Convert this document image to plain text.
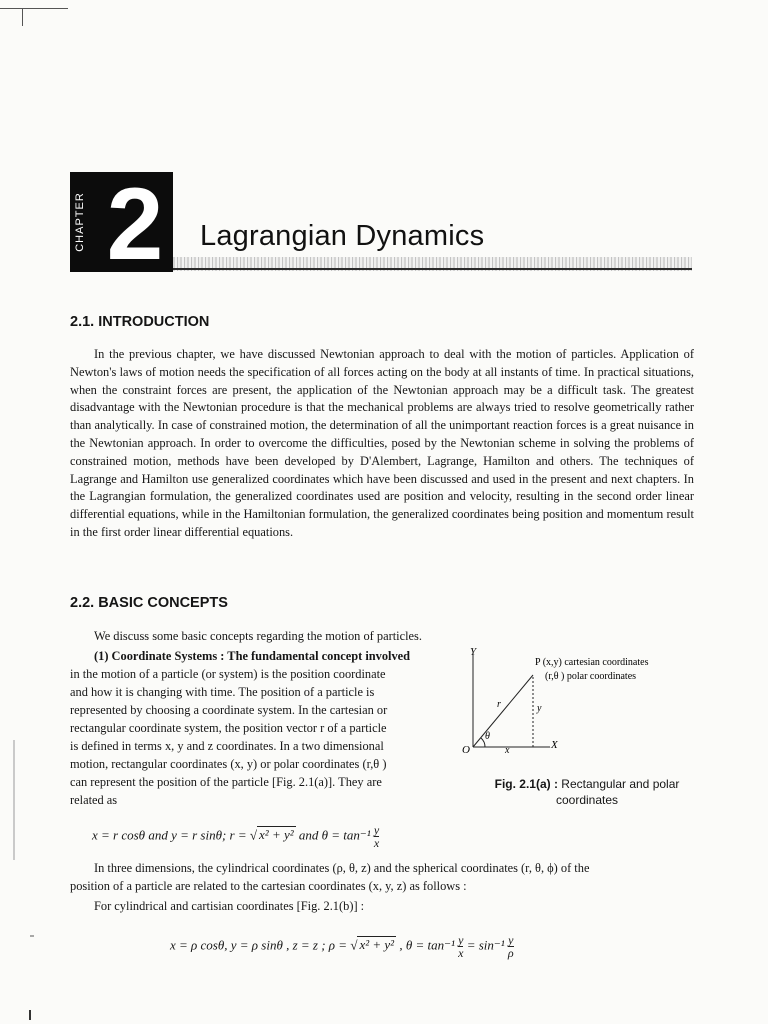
CHAPTER 2 Lagrangian Dynamics
2.1. INTRODUCTION

In the previous chapter, we have discussed Newtonian approach to deal with the motion of particles. Application of Newton's laws of motion needs the specification of all forces acting on the body at all instants of time. In practical situations, when the constraint forces are present, the application of the Newtonian approach may be a difficult task. The greatest disadvantage with the Newtonian procedure is that the mechanical problems are always tried to resolve geometrically rather than analytically. In case of constrained motion, the determination of all the unimportant reaction forces is a great nuisance in the Newtonian approach. In order to overcome the difficulties, posed by the Newtonian scheme in solving the problems of constrained motion, methods have been developed by D'Alembert, Lagrange, Hamilton and others. The techniques of Lagrange and Hamilton use generalized coordinates which have been discussed and used in the present and next chapters. In the Lagrangian formulation, the generalized coordinates used are position and velocity, resulting in the second order linear differential equations, while in the Hamiltonian formulation, the generalized coordinates being position and momentum result in the first order linear differential equations.

2.2. BASIC CONCEPTS
We discuss some basic concepts regarding the motion of particles.
(1) Coordinate Systems : The fundamental concept involved
in the motion of a particle (or system) is the position coordinate
and how it is changing with time. The position of a particle is
represented by choosing a coordinate system. In the cartesian or
rectangular coordinate system, the position vector r of a particle
is defined in terms x, y and z coordinates. In a two dimensional
motion, rectangular coordinates (x, y) or polar coordinates (r,θ )
can represent the position of the particle [Fig. 2.1(a)]. They are
related as
Y
X
O	x
y
r
θ
P (x,y) cartesian coordinates
(r,θ ) polar coordinates
Fig. 2.1(a) : Rectangular and polar
coordinates
x = r cosθ and y = r sinθ; r = √ x² + y² and $\theta = \tan^{-1} \frac{y}{x}$
In three dimensions, the cylindrical coordinates (ρ, θ, z) and the spherical coordinates (r, θ, ϕ) of the
position of a particle are related to the cartesian coordinates (x, y, z) as follows :
For cylindrical and cartisian coordinates [Fig. 2.1(b)] :
x = ρ cosθ, y = ρ sinθ , z = z ; ρ = √ x² + y² , $\theta = \tan^{-1} \frac{y}{x} = \sin^{-1} \frac{y}{\rho}$
